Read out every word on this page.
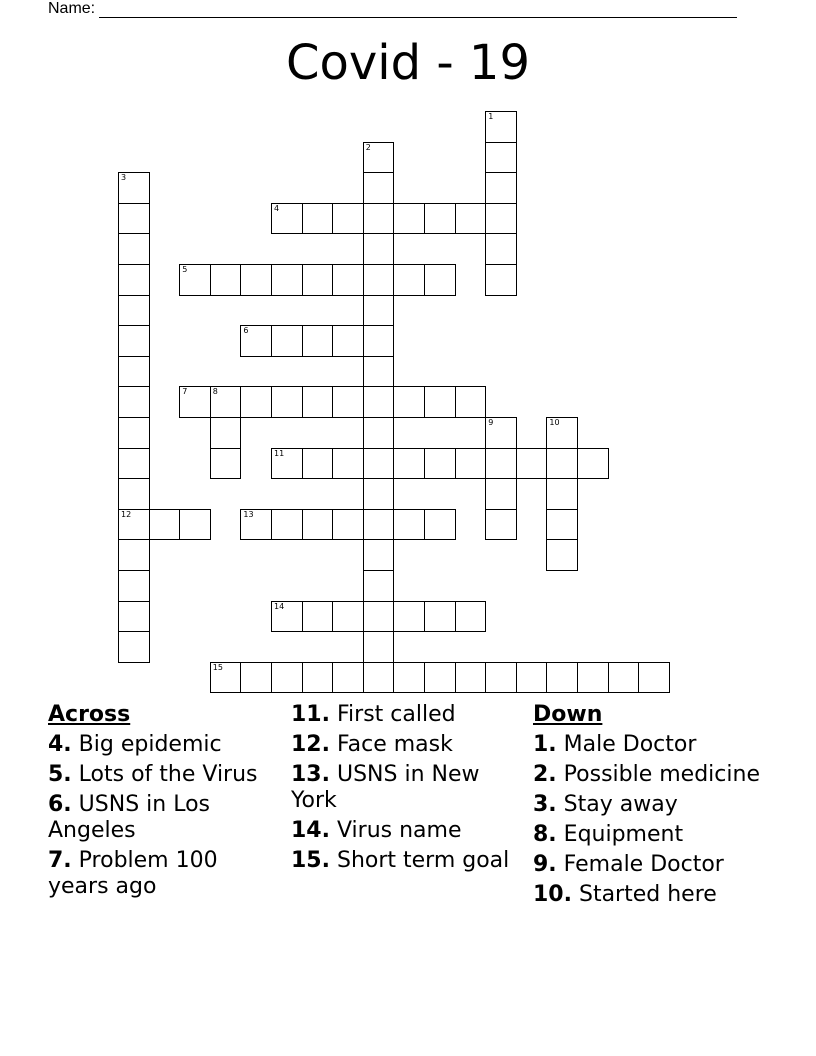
Name:
Covid - 19
1
2
3
12
4
5
6
7	8
9	10
11
13
14
15
Across
4. Big epidemic
5. Lots of the Virus
6. USNS in Los Angeles
7. Problem 100 years ago
11. First called
12. Face mask
13. USNS in New York
14. Virus name
15. Short term goal
Down
1. Male Doctor
2. Possible medicine
3. Stay away
8. Equipment
9. Female Doctor
10. Started here
